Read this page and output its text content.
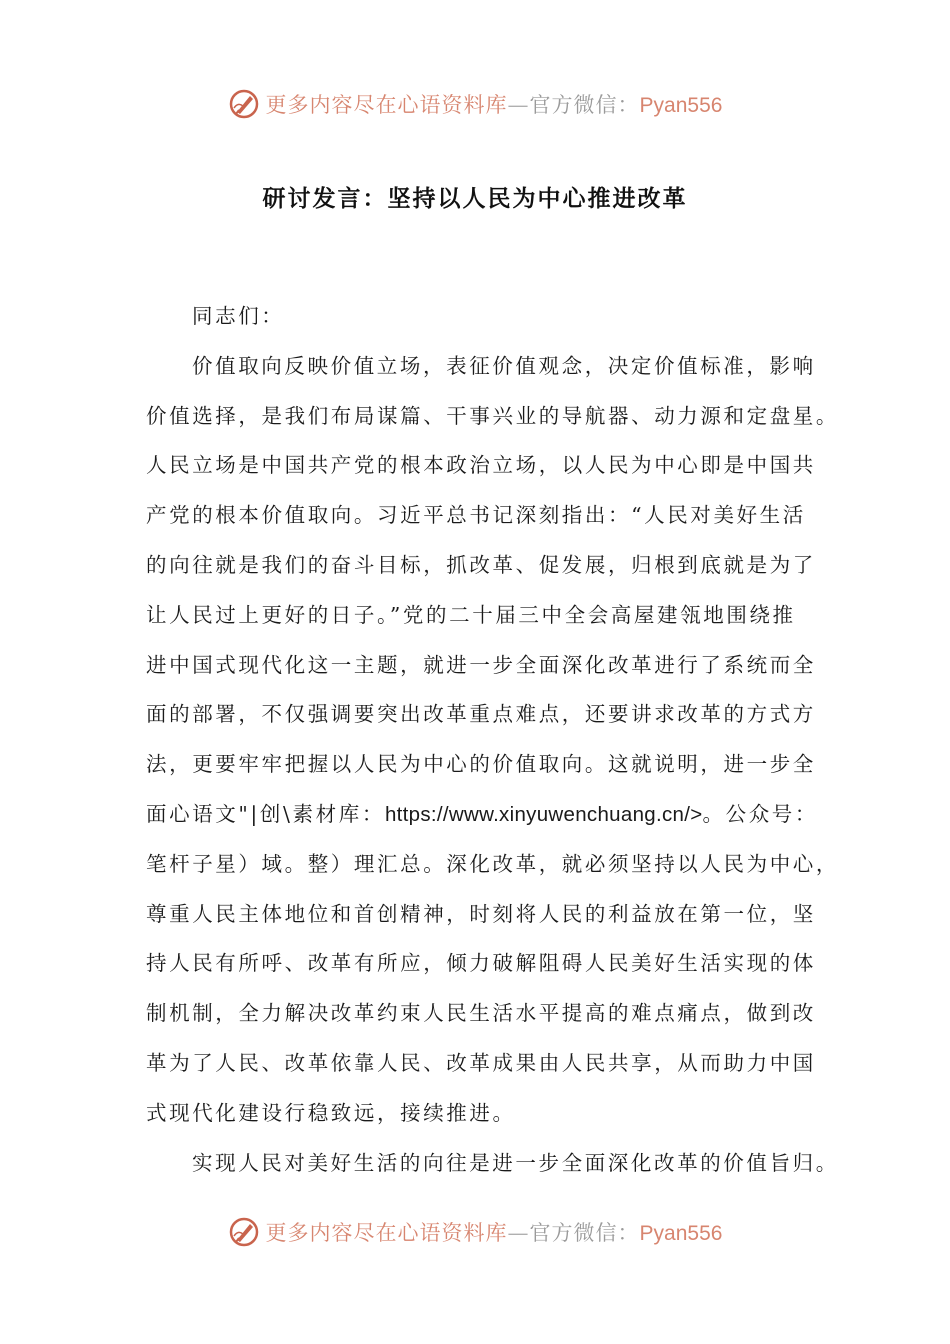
更多内容尽在心语资料库—官方微信：Pyan556
研讨发言：坚持以人民为中心推进改革
同志们：
价值取向反映价值立场，表征价值观念，决定价值标准，影响
价值选择，是我们布局谋篇、干事兴业的导航器、动力源和定盘星。
人民立场是中国共产党的根本政治立场，以人民为中心即是中国共
产党的根本价值取向。习近平总书记深刻指出：“人民对美好生活
的向往就是我们的奋斗目标，抓改革、促发展，归根到底就是为了
让人民过上更好的日子。”党的二十届三中全会高屋建瓴地围绕推
进中国式现代化这一主题，就进一步全面深化改革进行了系统而全
面的部署，不仅强调要突出改革重点难点，还要讲求改革的方式方
法，更要牢牢把握以人民为中心的价值取向。这就说明，进一步全
面心语文"|创\素材库：https://www.xinyuwenchuang.cn/>。公众号：
笔杆子星）域。整）理汇总。深化改革，就必须坚持以人民为中心，
尊重人民主体地位和首创精神，时刻将人民的利益放在第一位，坚
持人民有所呼、改革有所应，倾力破解阻碍人民美好生活实现的体
制机制，全力解决改革约束人民生活水平提高的难点痛点，做到改
革为了人民、改革依靠人民、改革成果由人民共享，从而助力中国
式现代化建设行稳致远，接续推进。
实现人民对美好生活的向往是进一步全面深化改革的价值旨归。
更多内容尽在心语资料库—官方微信：Pyan556
